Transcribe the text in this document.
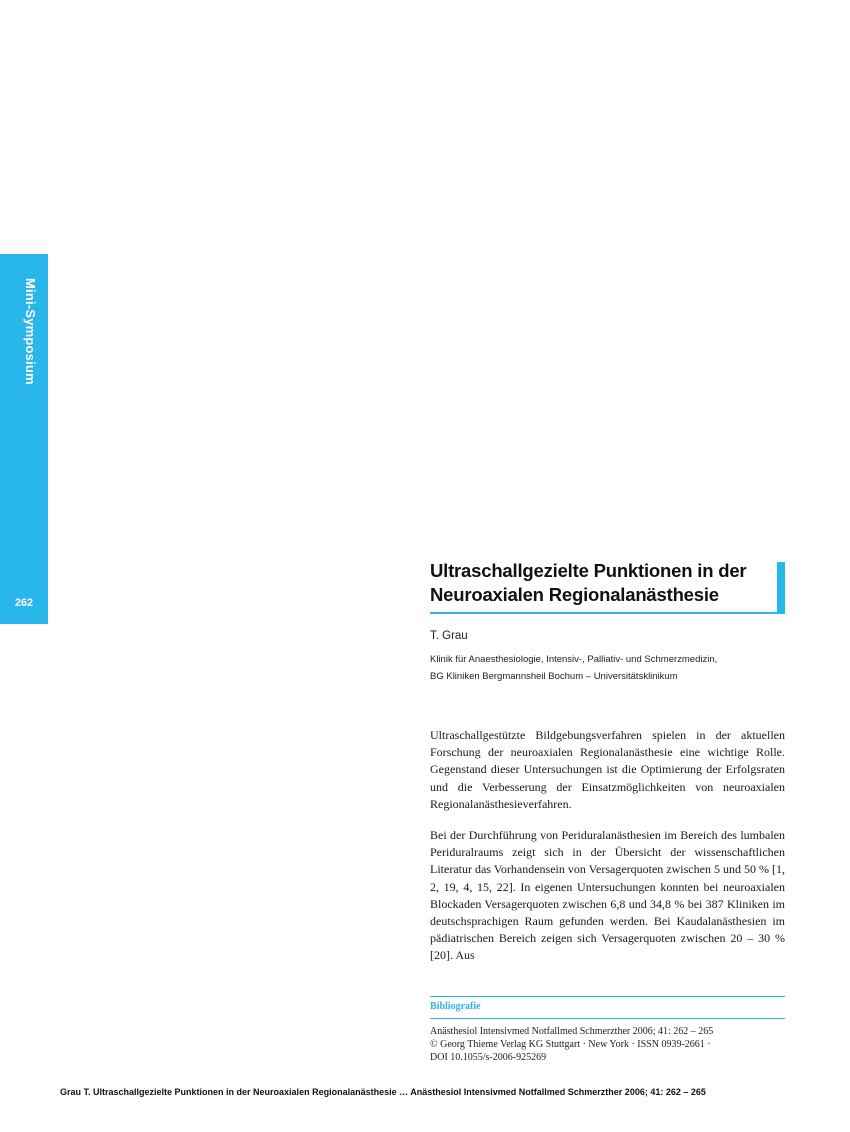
Mini-Symposium
262
Ultraschallgezielte Punktionen in der
Neuroaxialen Regionalanästhesie
T. Grau
Klinik für Anaesthesiologie, Intensiv-, Palliativ- und Schmerzmedizin,
BG Kliniken Bergmannsheil Bochum – Universitätsklinikum
Ultraschallgestützte Bildgebungsverfahren spielen in der aktuellen Forschung der neuroaxialen Regionalanästhesie eine wichtige Rolle. Gegenstand dieser Untersuchungen ist die Optimierung der Erfolgsraten und die Verbesserung der Einsatzmöglichkeiten von neuroaxialen Regionalanästhesieverfahren.
Bei der Durchführung von Periduralanästhesien im Bereich des lumbalen Periduralraums zeigt sich in der Übersicht der wissenschaftlichen Literatur das Vorhandensein von Versagerquoten zwischen 5 und 50 % [1, 2, 19, 4, 15, 22]. In eigenen Untersuchungen konnten bei neuroaxialen Blockaden Versagerquoten zwischen 6,8 und 34,8 % bei 387 Kliniken im deutschsprachigen Raum gefunden werden. Bei Kaudalanästhesien im pädiatrischen Bereich zeigen sich Versagerquoten zwischen 20 – 30 % [20]. Aus
Bibliografie
Anästhesiol Intensivmed Notfallmed Schmerzther 2006; 41: 262 – 265
© Georg Thieme Verlag KG Stuttgart · New York · ISSN 0939-2661 ·
DOI 10.1055/s-2006-925269
Grau T. Ultraschallgezielte Punktionen in der Neuroaxialen Regionalanästhesie … Anästhesiol Intensivmed Notfallmed Schmerzther 2006; 41: 262 – 265
